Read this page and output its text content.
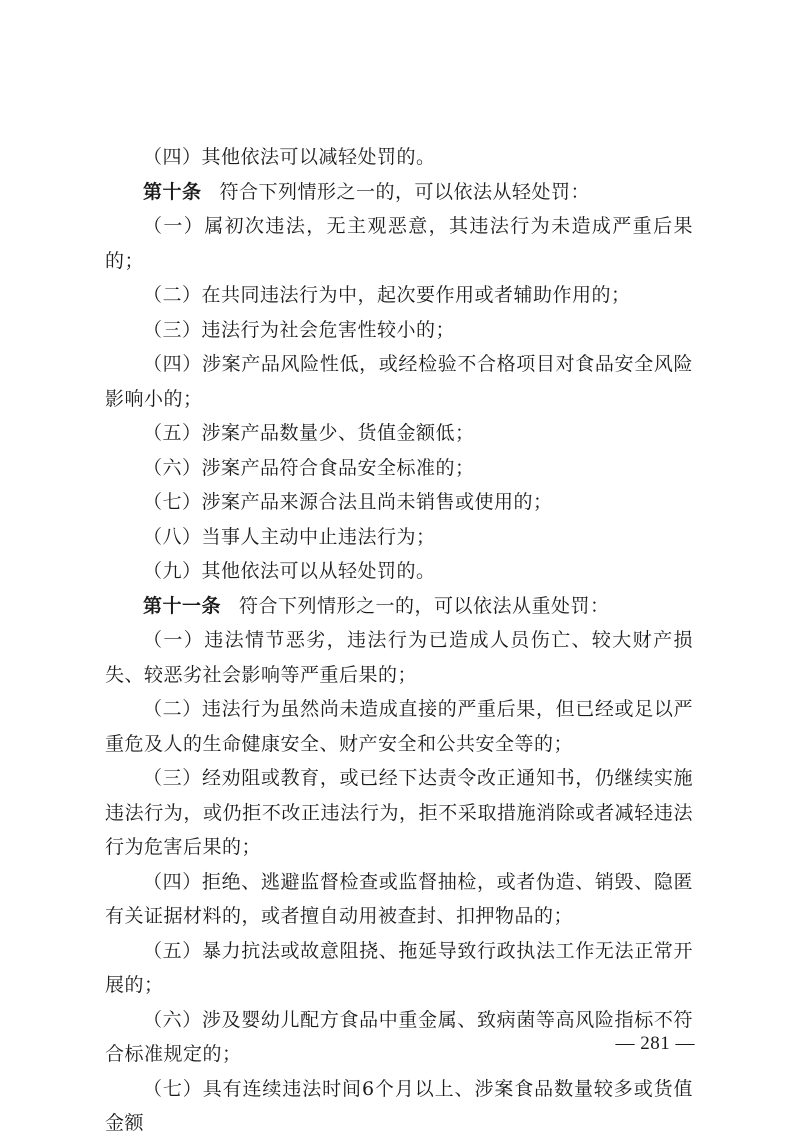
（四）其他依法可以减轻处罚的。

第十条 符合下列情形之一的，可以依法从轻处罚：

（一）属初次违法，无主观恶意，其违法行为未造成严重后果的；

（二）在共同违法行为中，起次要作用或者辅助作用的；

（三）违法行为社会危害性较小的；

（四）涉案产品风险性低，或经检验不合格项目对食品安全风险影响小的；

（五）涉案产品数量少、货值金额低；

（六）涉案产品符合食品安全标准的；

（七）涉案产品来源合法且尚未销售或使用的；

（八）当事人主动中止违法行为；

（九）其他依法可以从轻处罚的。

第十一条 符合下列情形之一的，可以依法从重处罚：

（一）违法情节恶劣，违法行为已造成人员伤亡、较大财产损失、较恶劣社会影响等严重后果的；

（二）违法行为虽然尚未造成直接的严重后果，但已经或足以严重危及人的生命健康安全、财产安全和公共安全等的；

（三）经劝阻或教育，或已经下达责令改正通知书，仍继续实施违法行为，或仍拒不改正违法行为，拒不采取措施消除或者减轻违法行为危害后果的；

（四）拒绝、逃避监督检查或监督抽检，或者伪造、销毁、隐匿有关证据材料的，或者擅自动用被查封、扣押物品的；

（五）暴力抗法或故意阻挠、拖延导致行政执法工作无法正常开展的；

（六）涉及婴幼儿配方食品中重金属、致病菌等高风险指标不符合标准规定的；

（七）具有连续违法时间6个月以上、涉案食品数量较多或货值金额

— 281 —
